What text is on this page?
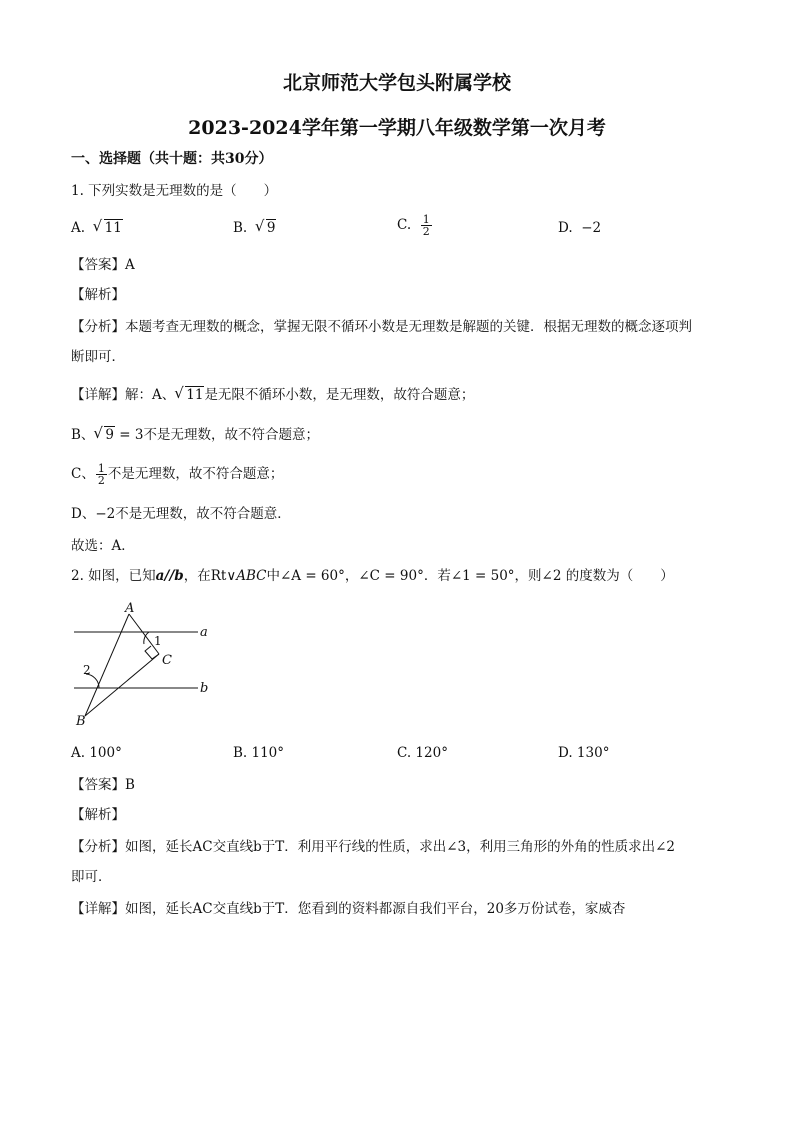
北京师范大学包头附属学校
2023-2024学年第一学期八年级数学第一次月考
一、选择题（共十题：共30分）
1. 下列实数是无理数的是（　　）
A. √ 11	B. √ 9	C. $\frac{1}{2}$	D. −2
【答案】A
【解析】
【分析】本题考查无理数的概念，掌握无限不循环小数是无理数是解题的关键．根据无理数的概念逐项判
断即可．
【详解】解：A、 √ 11是无限不循环小数，是无理数，故符合题意；
B、 √ 9 = 3不是无理数，故不符合题意；
C、 $\frac{1}{2}$ 不是无理数，故不符合题意；
D、−2不是无理数，故不符合题意．
故选：A．
2. 如图，已知a//b，在Rt∨ABC中∠A = 60°，∠C = 90°．若∠1 = 50°，则∠2 的度数为（　　）
A
B
C
a
b
1
2
A. 100°	B. 110°	C. 120°	D. 130°
【答案】B
【解析】
【分析】如图，延长AC交直线b于T．利用平行线的性质，求出∠3，利用三角形的外角的性质求出∠2
即可．
【详解】如图，延长AC交直线b于T．您看到的资料都源自我们平台，20多万份试卷，家威杏
